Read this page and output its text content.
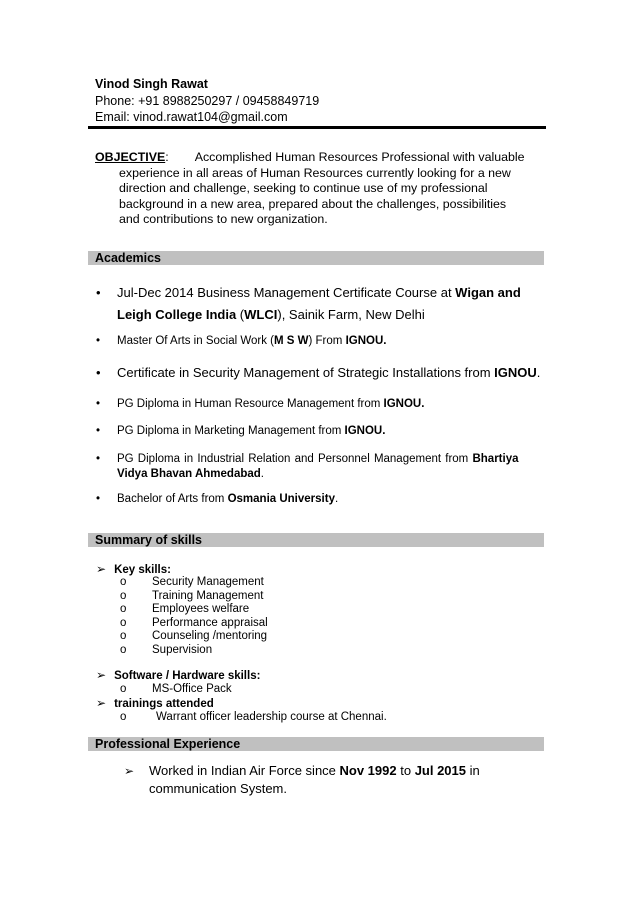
Vinod Singh Rawat
Phone: +91 8988250297 / 09458849719
Email: vinod.rawat104@gmail.com
OBJECTIVE: Accomplished Human Resources Professional with valuable
experience in all areas of Human Resources currently looking for a new
direction and challenge, seeking to continue use of my professional
background in a new area, prepared about the challenges, possibilities
and contributions to new organization.
Academics
• Jul-Dec 2014 Business Management Certificate Course at Wigan and
Leigh College India (WLCI), Sainik Farm, New Delhi
• Master Of Arts in Social Work (M S W) From IGNOU.
• Certificate in Security Management of Strategic Installations from IGNOU.
• PG Diploma in Human Resource Management from IGNOU.
• PG Diploma in Marketing Management from IGNOU.
• PG Diploma in Industrial Relation and Personnel Management from Bhartiya
Vidya Bhavan Ahmedabad.
• Bachelor of Arts from Osmania University.
Summary of skills
➢ Key skills:
o Security Management
o Training Management
o Employees welfare
o Performance appraisal
o Counseling /mentoring
o Supervision
➢ Software / Hardware skills:
o MS-Office Pack
➢ trainings attended
o	Warrant officer leadership course at Chennai.
Professional Experience
➢ Worked in Indian Air Force since Nov 1992 to Jul 2015 in
communication System.
